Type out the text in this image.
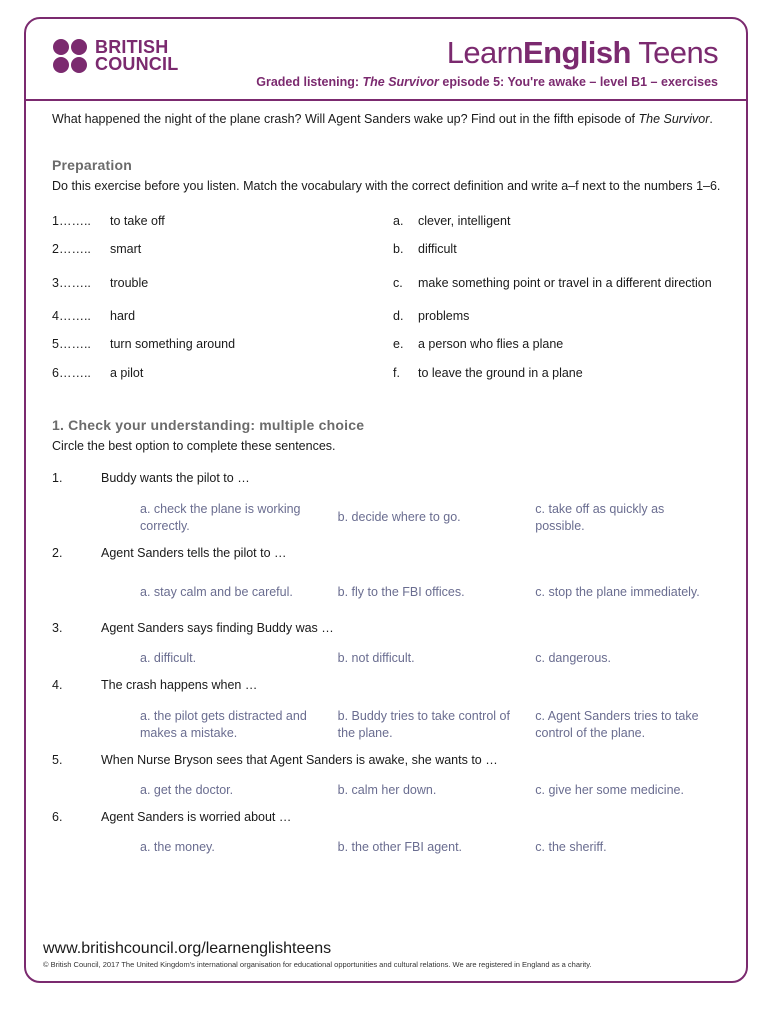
BRITISH
COUNCIL	LearnEnglish Teens
Graded listening: The Survivor episode 5: You're awake – level B1 – exercises

What happened the night of the plane crash? Will Agent Sanders wake up? Find out in the fifth episode of The Survivor.

Preparation

Do this exercise before you listen. Match the vocabulary with the correct definition and write a–f next to the numbers 1–6.

1……..	to take off	a.	clever, intelligent
2……..	smart	b.	difficult
3……..	trouble	c.	make something point or travel in a different direction
4……..	hard	d.	problems
5……..	turn something around	e.	a person who flies a plane
6……..	a pilot	f.	to leave the ground in a plane
1. Check your understanding: multiple choice

Circle the best option to complete these sentences.

1.	Buddy wants the pilot to …
a. check the plane is working correctly.
b. decide where to go.
c. take off as quickly as possible.
2.	Agent Sanders tells the pilot to …
a. stay calm and be careful.	b. fly to the FBI offices.	c. stop the plane immediately.
3.	Agent Sanders says finding Buddy was …
a. difficult.	b. not difficult.	c. dangerous.
4.	The crash happens when …
a. the pilot gets distracted and makes a mistake.
b. Buddy tries to take control of the plane.
c. Agent Sanders tries to take control of the plane.
5.	When Nurse Bryson sees that Agent Sanders is awake, she wants to …
a. get the doctor.	b. calm her down.	c. give her some medicine.
6.	Agent Sanders is worried about …
a. the money.	b. the other FBI agent.	c. the sheriff.
www.britishcouncil.org/learnenglishteens
© British Council, 2017 The United Kingdom's international organisation for educational opportunities and cultural relations. We are registered in England as a charity.
